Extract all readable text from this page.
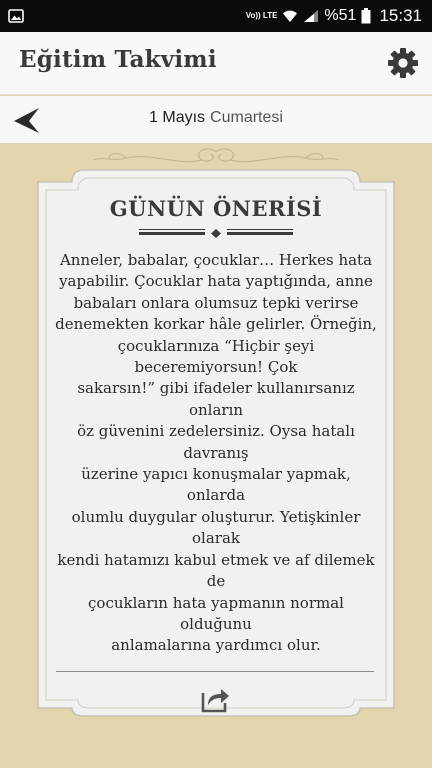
Vo)) LTE	%51 15:31
Eğitim Takvimi
1 Mayıs Cumartesi
GÜNÜN ÖNERİSİ
Anneler, babalar, çocuklar… Herkes hata
yapabilir. Çocuklar hata yaptığında, anne
babaları onlara olumsuz tepki verirse
denemekten korkar hâle gelirler. Örneğin,
çocuklarınıza “Hiçbir şeyi
beceremiyorsun! Çok
sakarsın!” gibi ifadeler kullanırsanız
onların
öz güvenini zedelersiniz. Oysa hatalı
davranış
üzerine yapıcı konuşmalar yapmak,
onlarda
olumlu duygular oluşturur. Yetişkinler
olarak
kendi hatamızı kabul etmek ve af dilemek
de
çocukların hata yapmanın normal
olduğunu
anlamalarına yardımcı olur.
